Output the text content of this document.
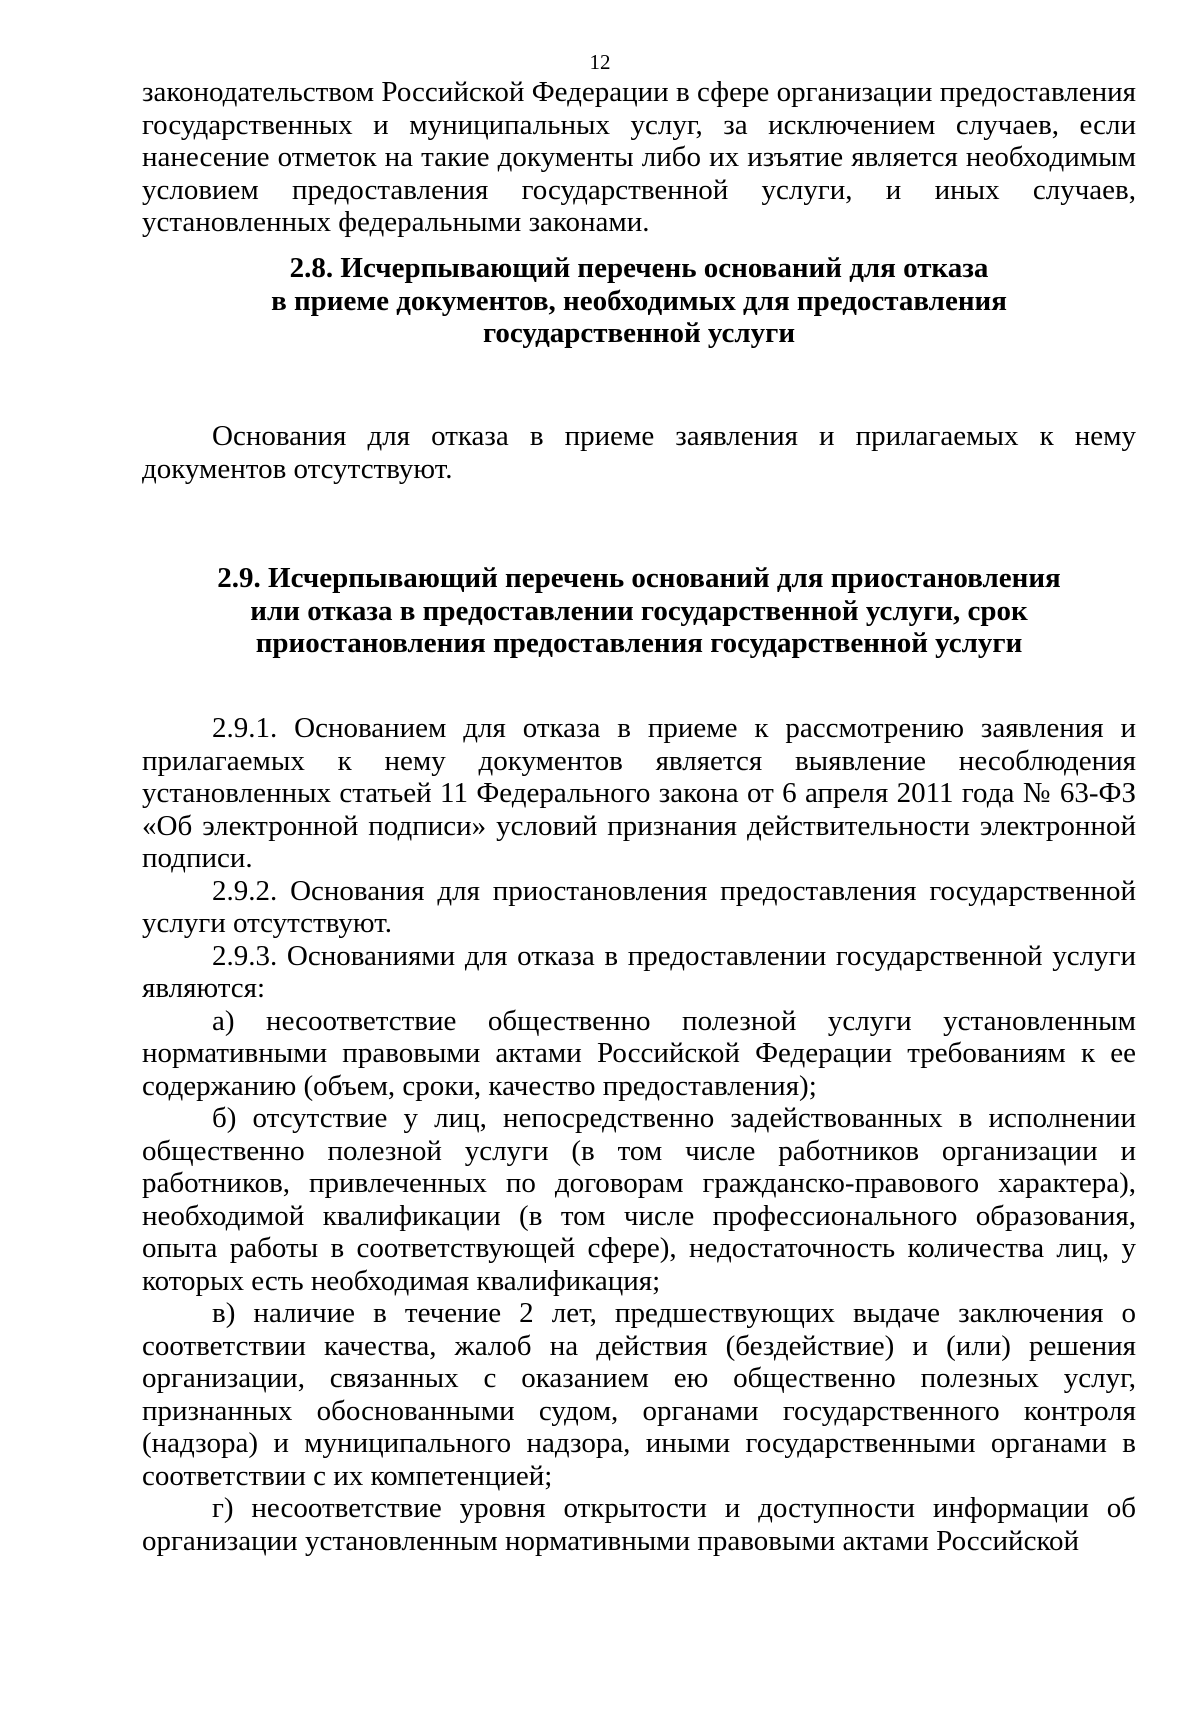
12

законодательством Российской Федерации в сфере организации предоставления государственных и муниципальных услуг, за исключением случаев, если нанесение отметок на такие документы либо их изъятие является необходимым условием предоставления государственной услуги, и иных случаев, установленных федеральными законами.

2.8. Исчерпывающий перечень оснований для отказа
в приеме документов, необходимых для предоставления
государственной услуги

Основания для отказа в приеме заявления и прилагаемых к нему документов отсутствуют.

2.9. Исчерпывающий перечень оснований для приостановления
или отказа в предоставлении государственной услуги, срок
приостановления предоставления государственной услуги

2.9.1. Основанием для отказа в приеме к рассмотрению заявления и прилагаемых к нему документов является выявление несоблюдения установленных статьей 11 Федерального закона от 6 апреля 2011 года № 63-ФЗ «Об электронной подписи» условий признания действительности электронной подписи.

2.9.2. Основания для приостановления предоставления государственной услуги отсутствуют.

2.9.3. Основаниями для отказа в предоставлении государственной услуги являются:

а) несоответствие общественно полезной услуги установленным нормативными правовыми актами Российской Федерации требованиям к ее содержанию (объем, сроки, качество предоставления);

б) отсутствие у лиц, непосредственно задействованных в исполнении общественно полезной услуги (в том числе работников организации и работников, привлеченных по договорам гражданско-правового характера), необходимой квалификации (в том числе профессионального образования, опыта работы в соответствующей сфере), недостаточность количества лиц, у которых есть необходимая квалификация;

в) наличие в течение 2 лет, предшествующих выдаче заключения о соответствии качества, жалоб на действия (бездействие) и (или) решения организации, связанных с оказанием ею общественно полезных услуг, признанных обоснованными судом, органами государственного контроля (надзора) и муниципального надзора, иными государственными органами в соответствии с их компетенцией;

г) несоответствие уровня открытости и доступности информации об организации установленным нормативными правовыми актами Российской
